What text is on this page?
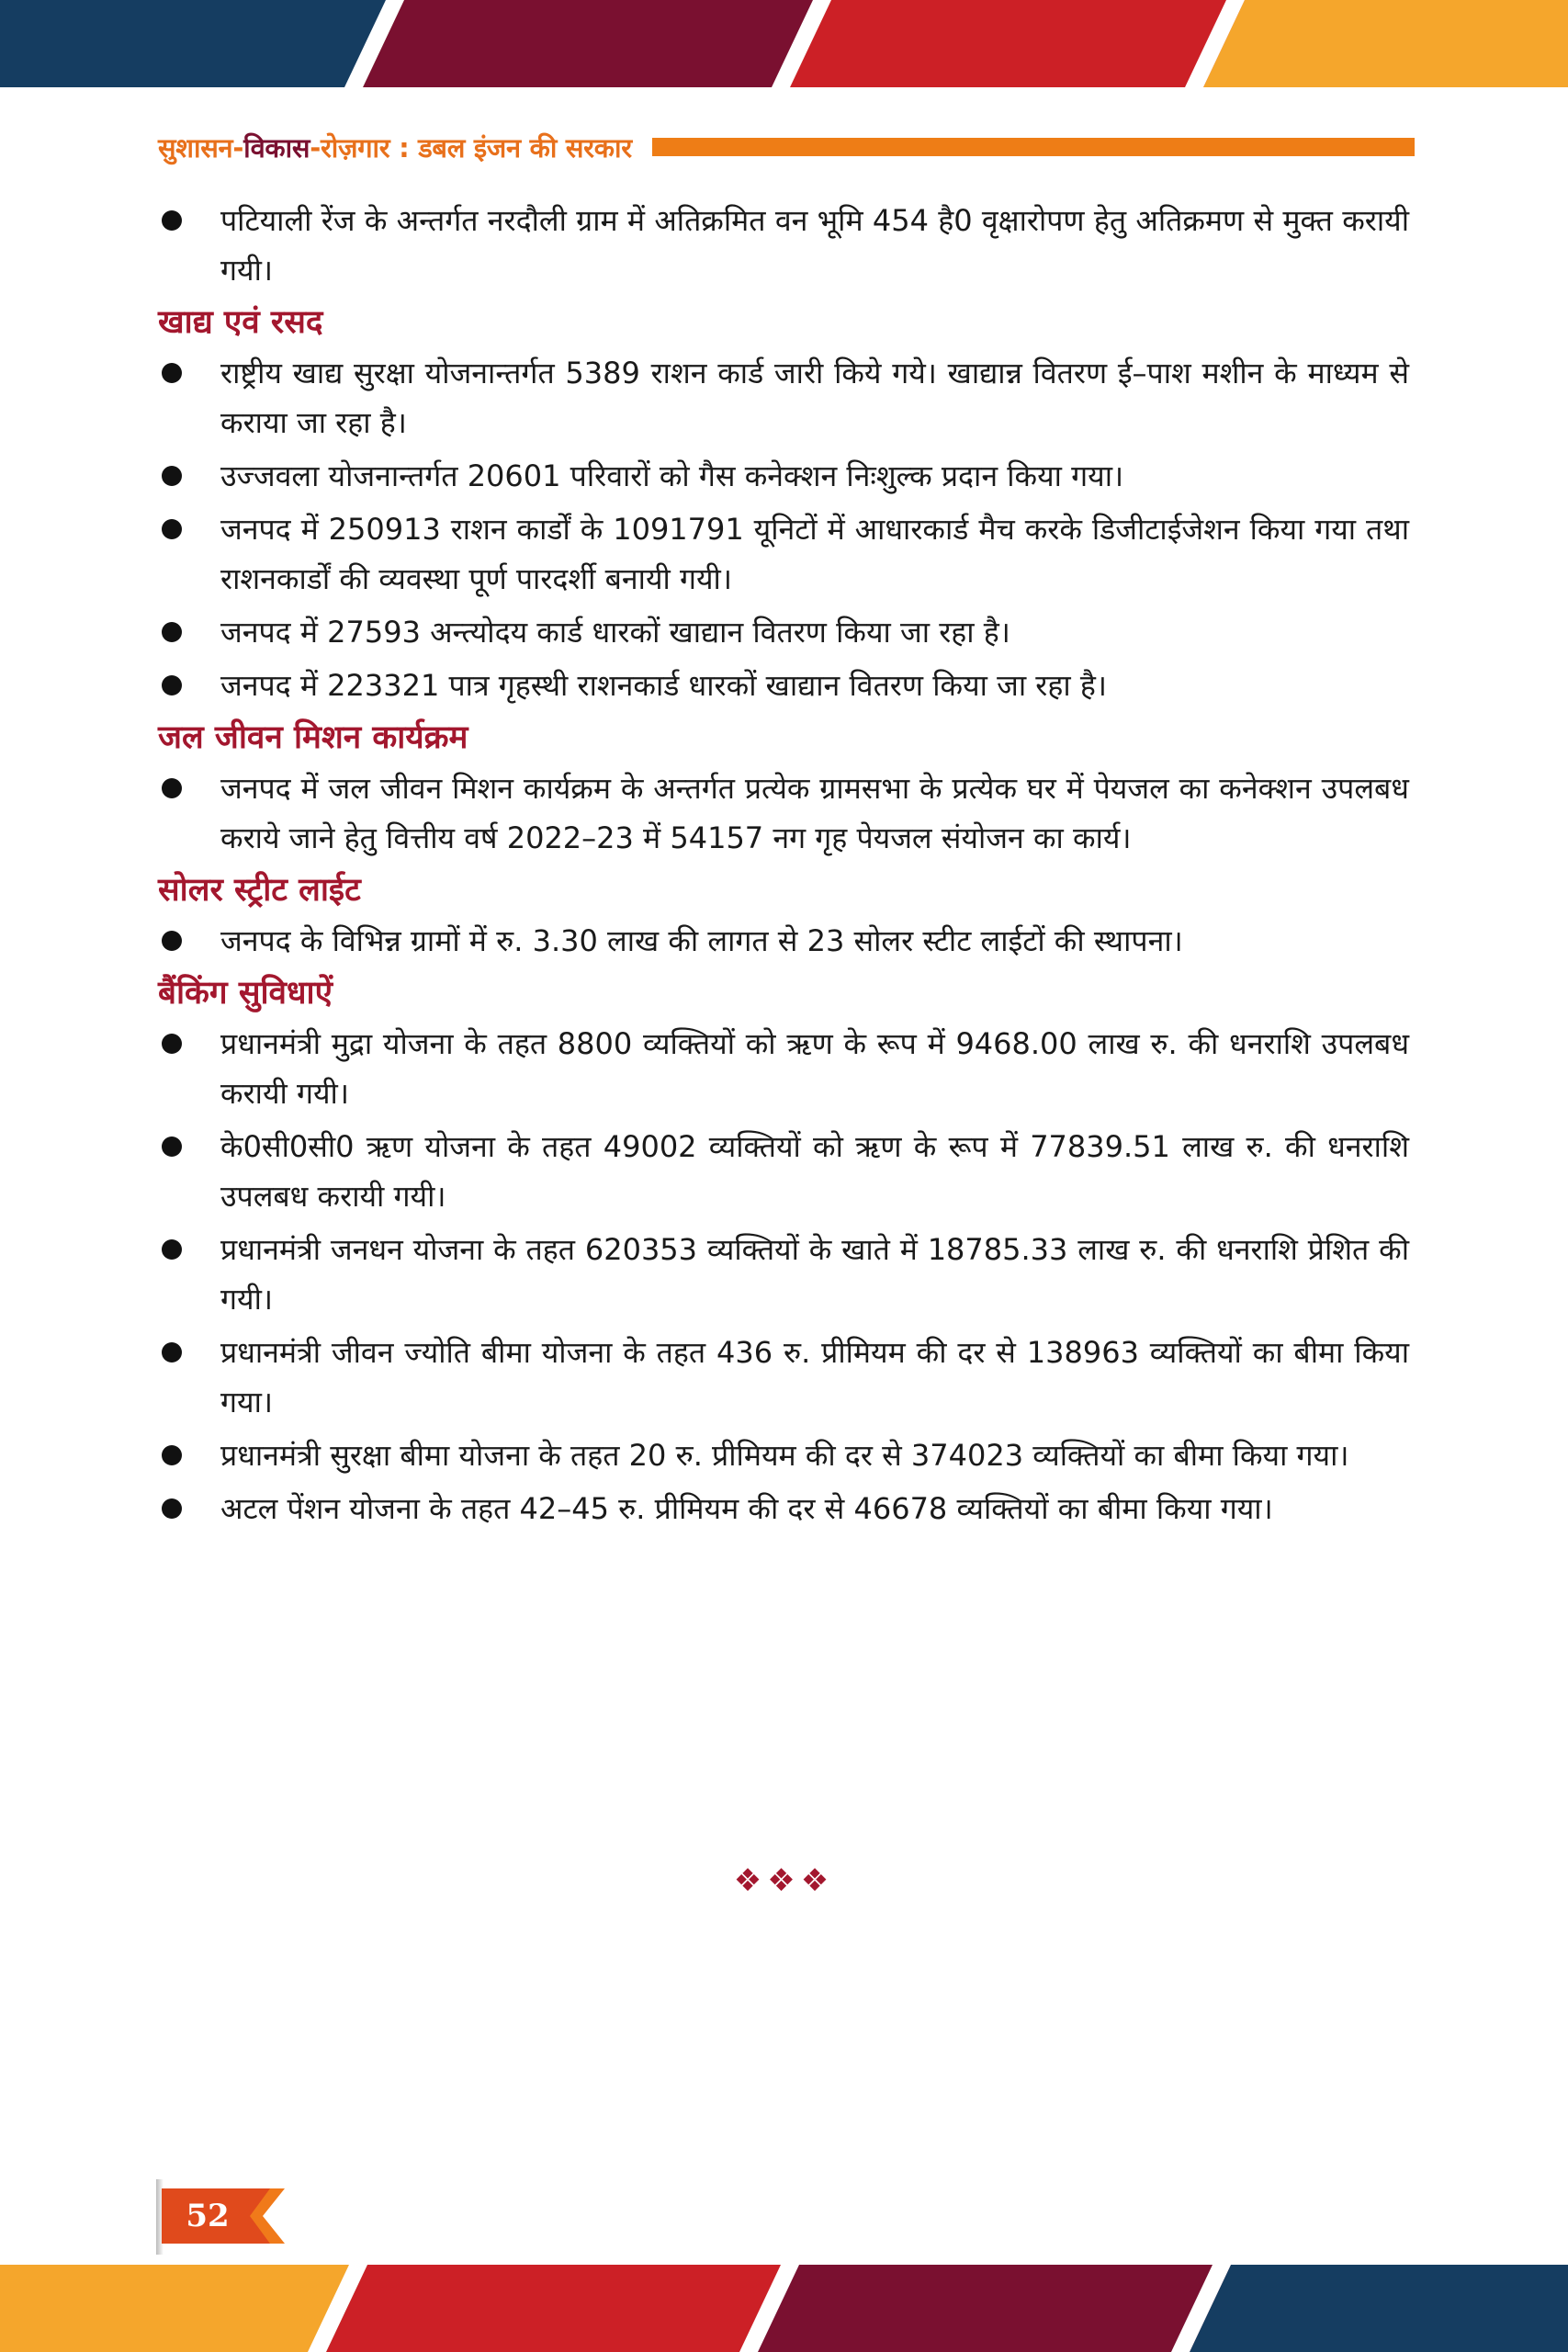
सुशासन-विकास-रोज़गार : डबल इंजन की सरकार
पटियाली रेंज के अन्तर्गत नरदौली ग्राम में अतिक्रमित वन भूमि 454 है0 वृक्षारोपण हेतु अतिक्रमण से मुक्त करायी गयी।
खाद्य एवं रसद
राष्ट्रीय खाद्य सुरक्षा योजनान्तर्गत 5389 राशन कार्ड जारी किये गये। खाद्यान्न वितरण ई–पाश मशीन के माध्यम से कराया जा रहा है।
उज्जवला योजनान्तर्गत 20601 परिवारों को गैस कनेक्शन निःशुल्क प्रदान किया गया।
जनपद में 250913 राशन कार्डों के 1091791 यूनिटों में आधारकार्ड मैच करके डिजीटाईजेशन किया गया तथा राशनकार्डों की व्यवस्था पूर्ण पारदर्शी बनायी गयी।
जनपद में 27593 अन्त्योदय कार्ड धारकों खाद्यान वितरण किया जा रहा है।
जनपद में 223321 पात्र गृहस्थी राशनकार्ड धारकों खाद्यान वितरण किया जा रहा है।
जल जीवन मिशन कार्यक्रम
जनपद में जल जीवन मिशन कार्यक्रम के अन्तर्गत प्रत्येक ग्रामसभा के प्रत्येक घर में पेयजल का कनेक्शन उपलबध कराये जाने हेतु वित्तीय वर्ष 2022–23 में 54157 नग गृह पेयजल संयोजन का कार्य।
सोलर स्ट्रीट लाईट
जनपद के विभिन्न ग्रामों में रु. 3.30 लाख की लागत से 23 सोलर स्टीट लाईटों की स्थापना।
बैंकिंग सुविधाऐं
प्रधानमंत्री मुद्रा योजना के तहत 8800 व्यक्तियों को ऋण के रूप में 9468.00 लाख रु. की धनराशि उपलबध करायी गयी।
के0सी0सी0 ऋण योजना के तहत 49002 व्यक्तियों को ऋण के रूप में 77839.51 लाख रु. की धनराशि उपलबध करायी गयी।
प्रधानमंत्री जनधन योजना के तहत 620353 व्यक्तियों के खाते में 18785.33 लाख रु. की धनराशि प्रेशित की गयी।
प्रधानमंत्री जीवन ज्योति बीमा योजना के तहत 436 रु. प्रीमियम की दर से 138963 व्यक्तियों का बीमा किया गया।
प्रधानमंत्री सुरक्षा बीमा योजना के तहत 20 रु. प्रीमियम की दर से 374023 व्यक्तियों का बीमा किया गया।
अटल पेंशन योजना के तहत 42–45 रु. प्रीमियम की दर से 46678 व्यक्तियों का बीमा किया गया।
❖❖❖
52
